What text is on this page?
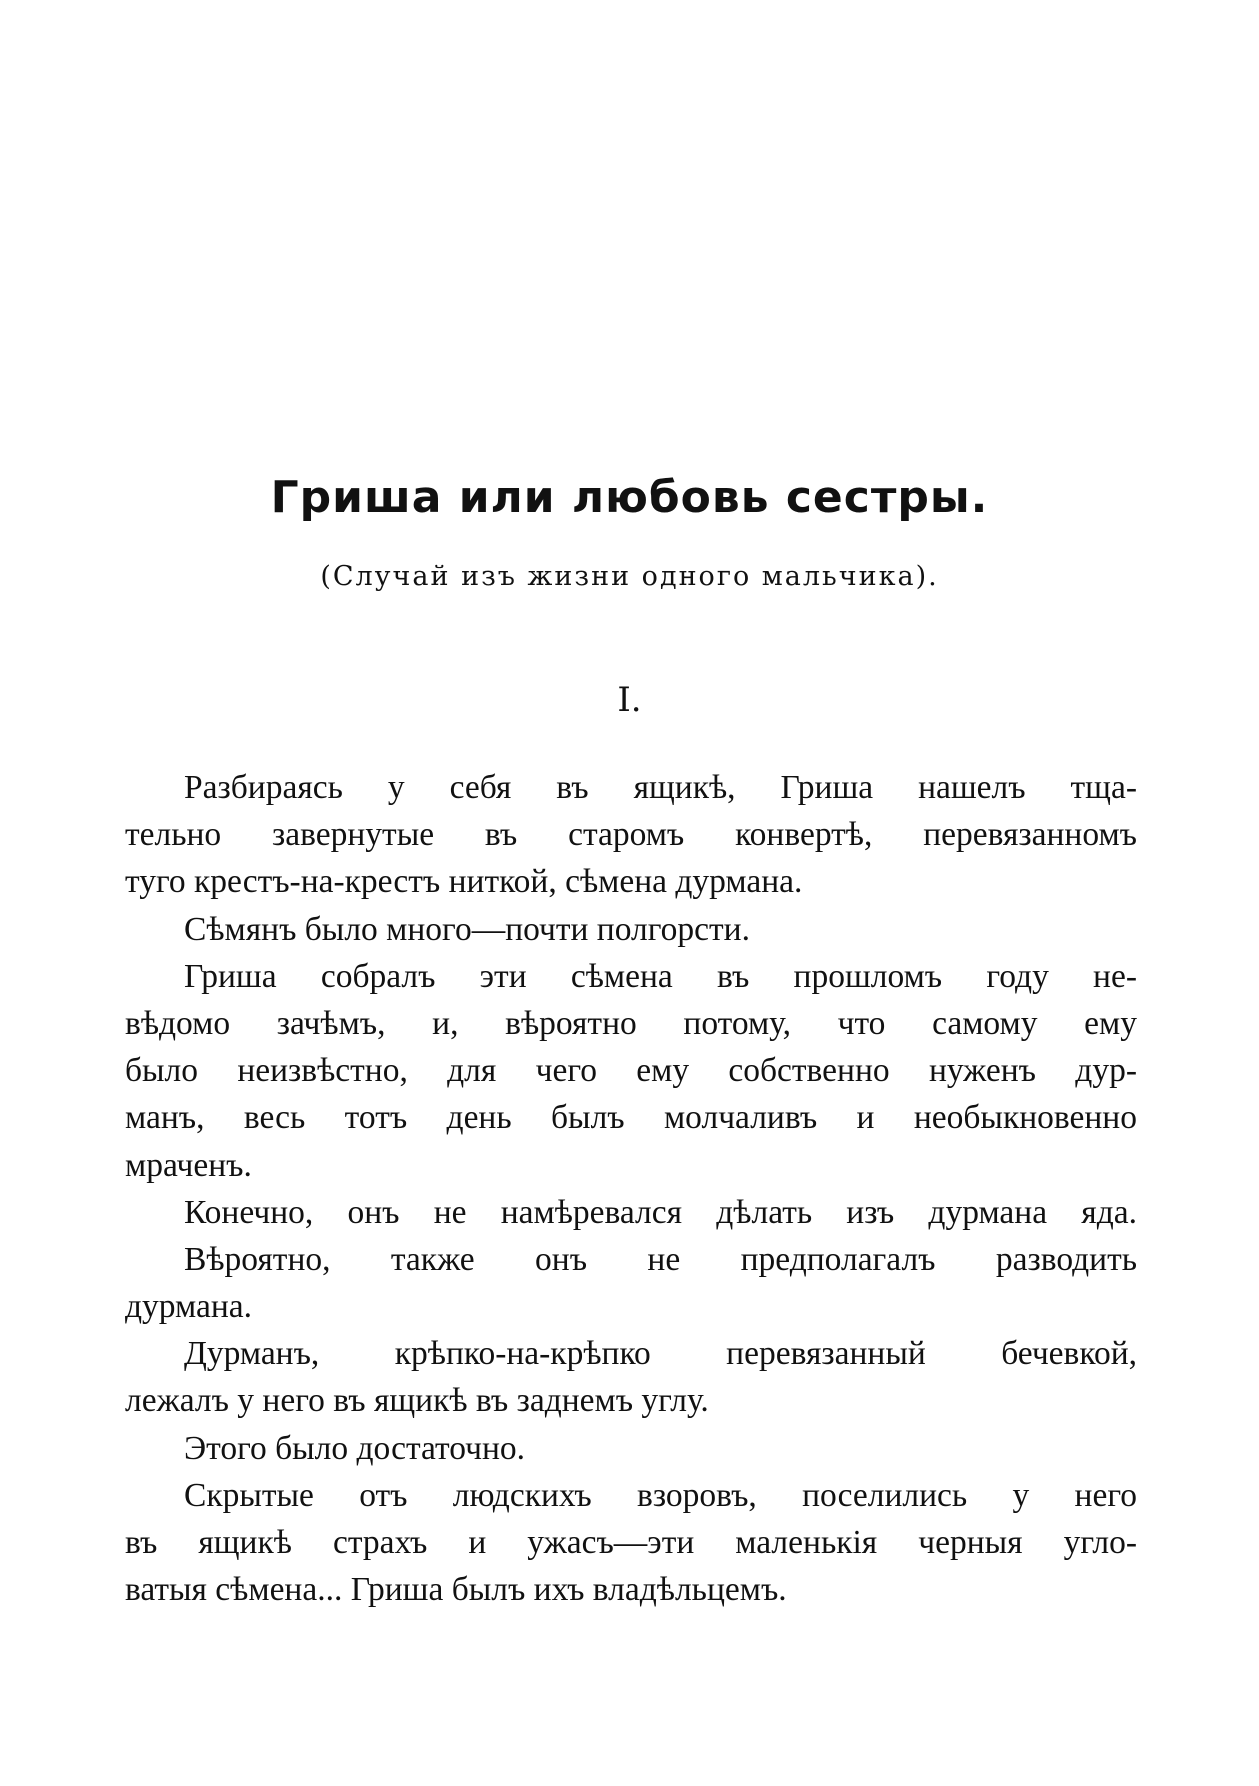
Гриша или любовь сестры.

(Случай изъ жизни одного мальчика).

I.

Разбираясь у себя въ ящикѣ, Гриша нашелъ тща-
тельно завернутые въ старомъ конвертѣ, перевязанномъ
туго крестъ-на-крестъ ниткой, сѣмена дурмана.
Сѣмянъ было много—почти полгорсти.
Гриша собралъ эти сѣмена въ прошломъ году не-
вѣдомо зачѣмъ, и, вѣроятно потому, что самому ему
было неизвѣстно, для чего ему собственно нуженъ дур-
манъ, весь тотъ день былъ молчаливъ и необыкновенно
мраченъ.
Конечно, онъ не намѣревался дѣлать изъ дурмана яда.
Вѣроятно, также онъ не предполагалъ разводить
дурмана.
Дурманъ, крѣпко-на-крѣпко перевязанный бечевкой,
лежалъ у него въ ящикѣ въ заднемъ углу.
Этого было достаточно.
Скрытые отъ людскихъ взоровъ, поселились у него
въ ящикѣ страхъ и ужасъ—эти маленькія черныя угло-
ватыя сѣмена... Гриша былъ ихъ владѣльцемъ.
